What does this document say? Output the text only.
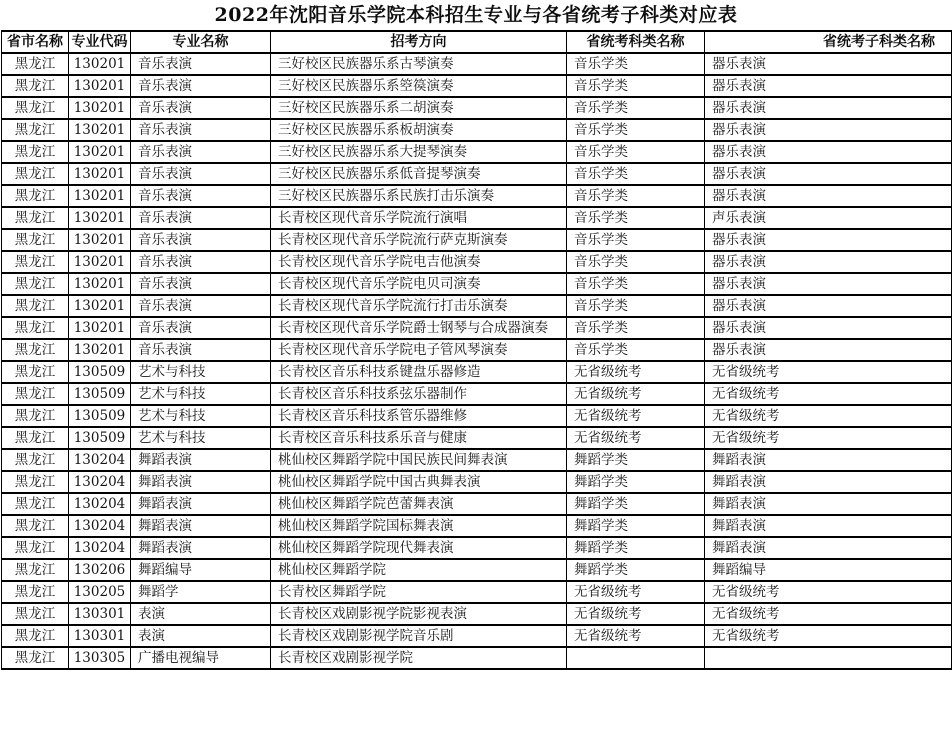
2022年沈阳音乐学院本科招生专业与各省统考子科类对应表
省市名称	专业代码	专业名称	招考方向	省统考科类名称	省统考子科类名称
黑龙江	130201	音乐表演	三好校区民族器乐系古琴演奏	音乐学类	器乐表演
黑龙江	130201	音乐表演	三好校区民族器乐系箜篌演奏	音乐学类	器乐表演
黑龙江	130201	音乐表演	三好校区民族器乐系二胡演奏	音乐学类	器乐表演
黑龙江	130201	音乐表演	三好校区民族器乐系板胡演奏	音乐学类	器乐表演
黑龙江	130201	音乐表演	三好校区民族器乐系大提琴演奏	音乐学类	器乐表演
黑龙江	130201	音乐表演	三好校区民族器乐系低音提琴演奏	音乐学类	器乐表演
黑龙江	130201	音乐表演	三好校区民族器乐系民族打击乐演奏	音乐学类	器乐表演
黑龙江	130201	音乐表演	长青校区现代音乐学院流行演唱	音乐学类	声乐表演
黑龙江	130201	音乐表演	长青校区现代音乐学院流行萨克斯演奏	音乐学类	器乐表演
黑龙江	130201	音乐表演	长青校区现代音乐学院电吉他演奏	音乐学类	器乐表演
黑龙江	130201	音乐表演	长青校区现代音乐学院电贝司演奏	音乐学类	器乐表演
黑龙江	130201	音乐表演	长青校区现代音乐学院流行打击乐演奏	音乐学类	器乐表演
黑龙江	130201	音乐表演	长青校区现代音乐学院爵士钢琴与合成器演奏	音乐学类	器乐表演
黑龙江	130201	音乐表演	长青校区现代音乐学院电子管风琴演奏	音乐学类	器乐表演
黑龙江	130509	艺术与科技	长青校区音乐科技系键盘乐器修造	无省级统考	无省级统考
黑龙江	130509	艺术与科技	长青校区音乐科技系弦乐器制作	无省级统考	无省级统考
黑龙江	130509	艺术与科技	长青校区音乐科技系管乐器维修	无省级统考	无省级统考
黑龙江	130509	艺术与科技	长青校区音乐科技系乐音与健康	无省级统考	无省级统考
黑龙江	130204	舞蹈表演	桃仙校区舞蹈学院中国民族民间舞表演	舞蹈学类	舞蹈表演
黑龙江	130204	舞蹈表演	桃仙校区舞蹈学院中国古典舞表演	舞蹈学类	舞蹈表演
黑龙江	130204	舞蹈表演	桃仙校区舞蹈学院芭蕾舞表演	舞蹈学类	舞蹈表演
黑龙江	130204	舞蹈表演	桃仙校区舞蹈学院国标舞表演	舞蹈学类	舞蹈表演
黑龙江	130204	舞蹈表演	桃仙校区舞蹈学院现代舞表演	舞蹈学类	舞蹈表演
黑龙江	130206	舞蹈编导	桃仙校区舞蹈学院	舞蹈学类	舞蹈编导
黑龙江	130205	舞蹈学	长青校区舞蹈学院	无省级统考	无省级统考
黑龙江	130301	表演	长青校区戏剧影视学院影视表演	无省级统考	无省级统考
黑龙江	130301	表演	长青校区戏剧影视学院音乐剧	无省级统考	无省级统考
黑龙江	130305	广播电视编导	长青校区戏剧影视学院		
